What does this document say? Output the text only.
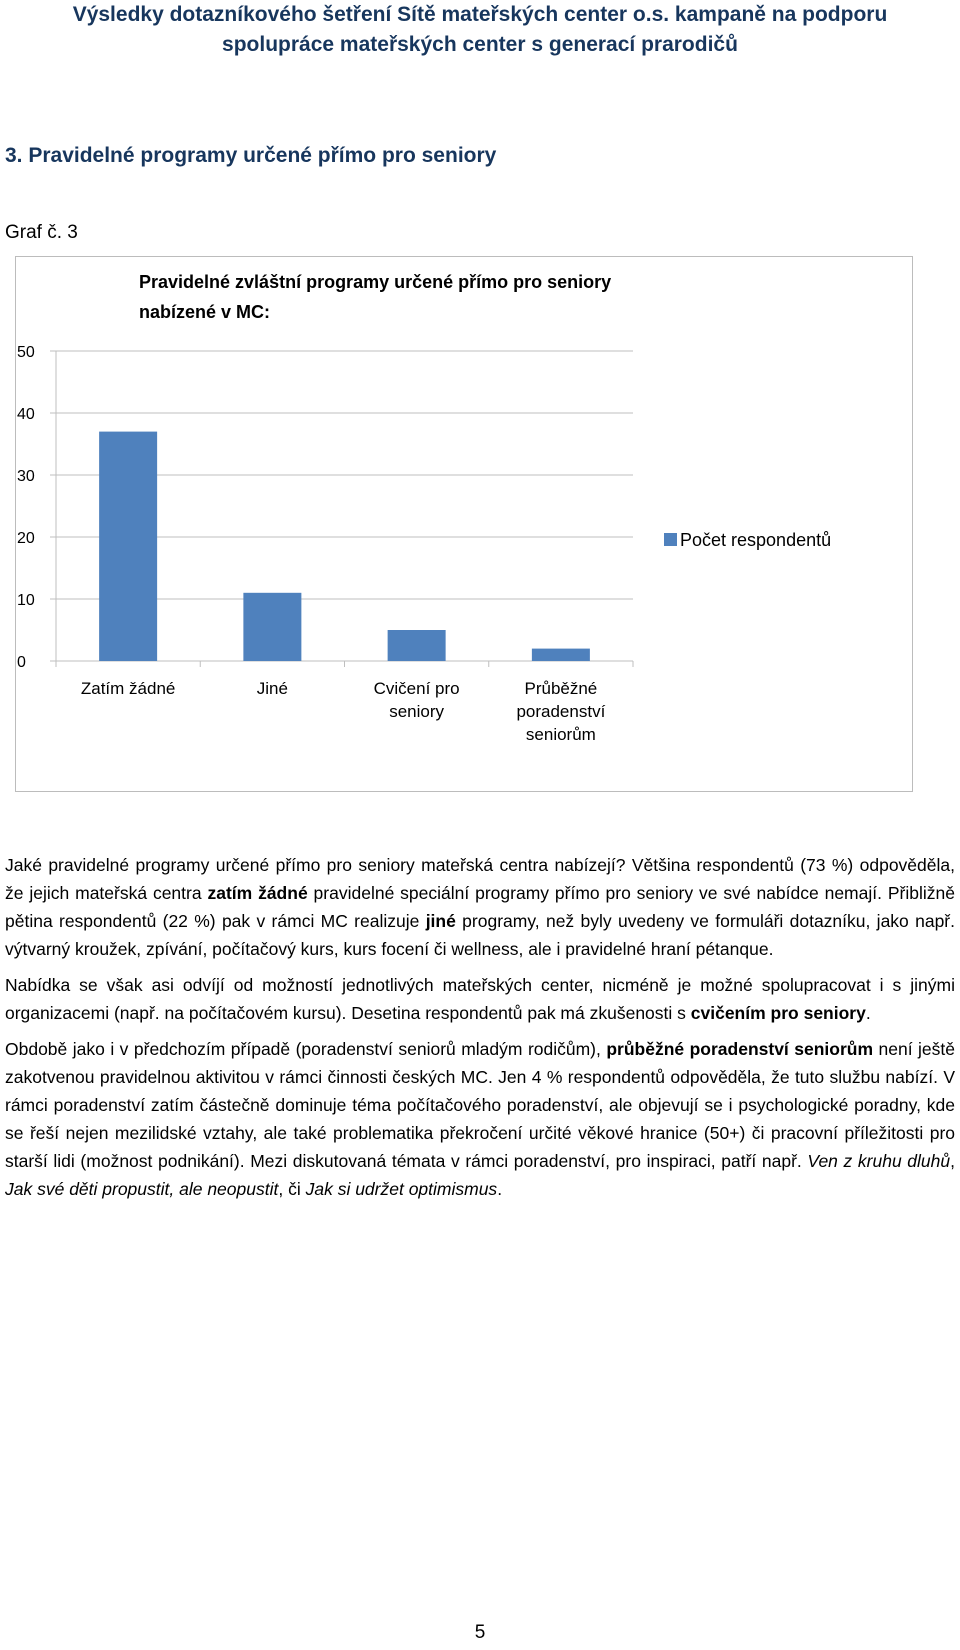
Výsledky dotazníkového šetření Sítě mateřských center o.s. kampaně na podporu
spolupráce mateřských center s generací prarodičů
3. Pravidelné programy určené přímo pro seniory
Graf č. 3
Pravidelné zvláštní programy určené přímo pro seniory
nabízené v MC:
0
10
20
30
40
50
Zatím žádné	Jiné	Cvičení pro seniory
Průběžné poradenství seniorům
Počet respondentů

Jaké pravidelné programy určené přímo pro seniory mateřská centra nabízejí? Většina respondentů (73 %) odpověděla, že jejich mateřská centra zatím žádné pravidelné speciální programy přímo pro seniory ve své nabídce nemají. Přibližně pětina respondentů (22 %) pak v rámci MC realizuje jiné programy, než byly uvedeny ve formuláři dotazníku, jako např. výtvarný kroužek, zpívání, počítačový kurs, kurs focení či wellness, ale i pravidelné hraní pétanque.

Nabídka se však asi odvíjí od možností jednotlivých mateřských center, nicméně je možné spolupracovat i s jinými organizacemi (např. na počítačovém kursu). Desetina respondentů pak má zkušenosti s cvičením pro seniory.

Obdobě jako i v předchozím případě (poradenství seniorů mladým rodičům), průběžné poradenství seniorům není ještě zakotvenou pravidelnou aktivitou v rámci činnosti českých MC. Jen 4 % respondentů odpověděla, že tuto službu nabízí. V rámci poradenství zatím částečně dominuje téma počítačového poradenství, ale objevují se i psychologické poradny, kde se řeší nejen mezilidské vztahy, ale také problematika překročení určité věkové hranice (50+) či pracovní příležitosti pro starší lidi (možnost podnikání). Mezi diskutovaná témata v rámci poradenství, pro inspiraci, patří např. Ven z kruhu dluhů, Jak své děti propustit, ale neopustit, či Jak si udržet optimismus.

5
